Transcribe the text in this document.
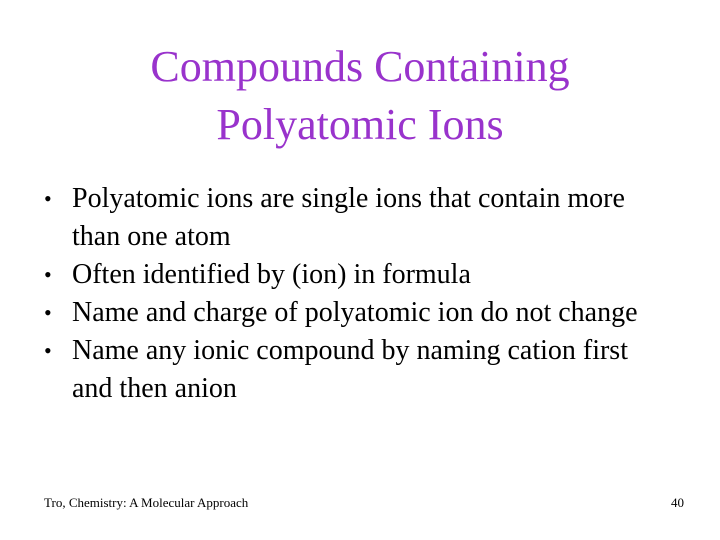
Compounds Containing
Polyatomic Ions
• Polyatomic ions are single ions that contain more than one atom
• Often identified by (ion) in formula
• Name and charge of polyatomic ion do not change
• Name any ionic compound by naming cation first and then anion
Tro, Chemistry: A Molecular Approach	40
